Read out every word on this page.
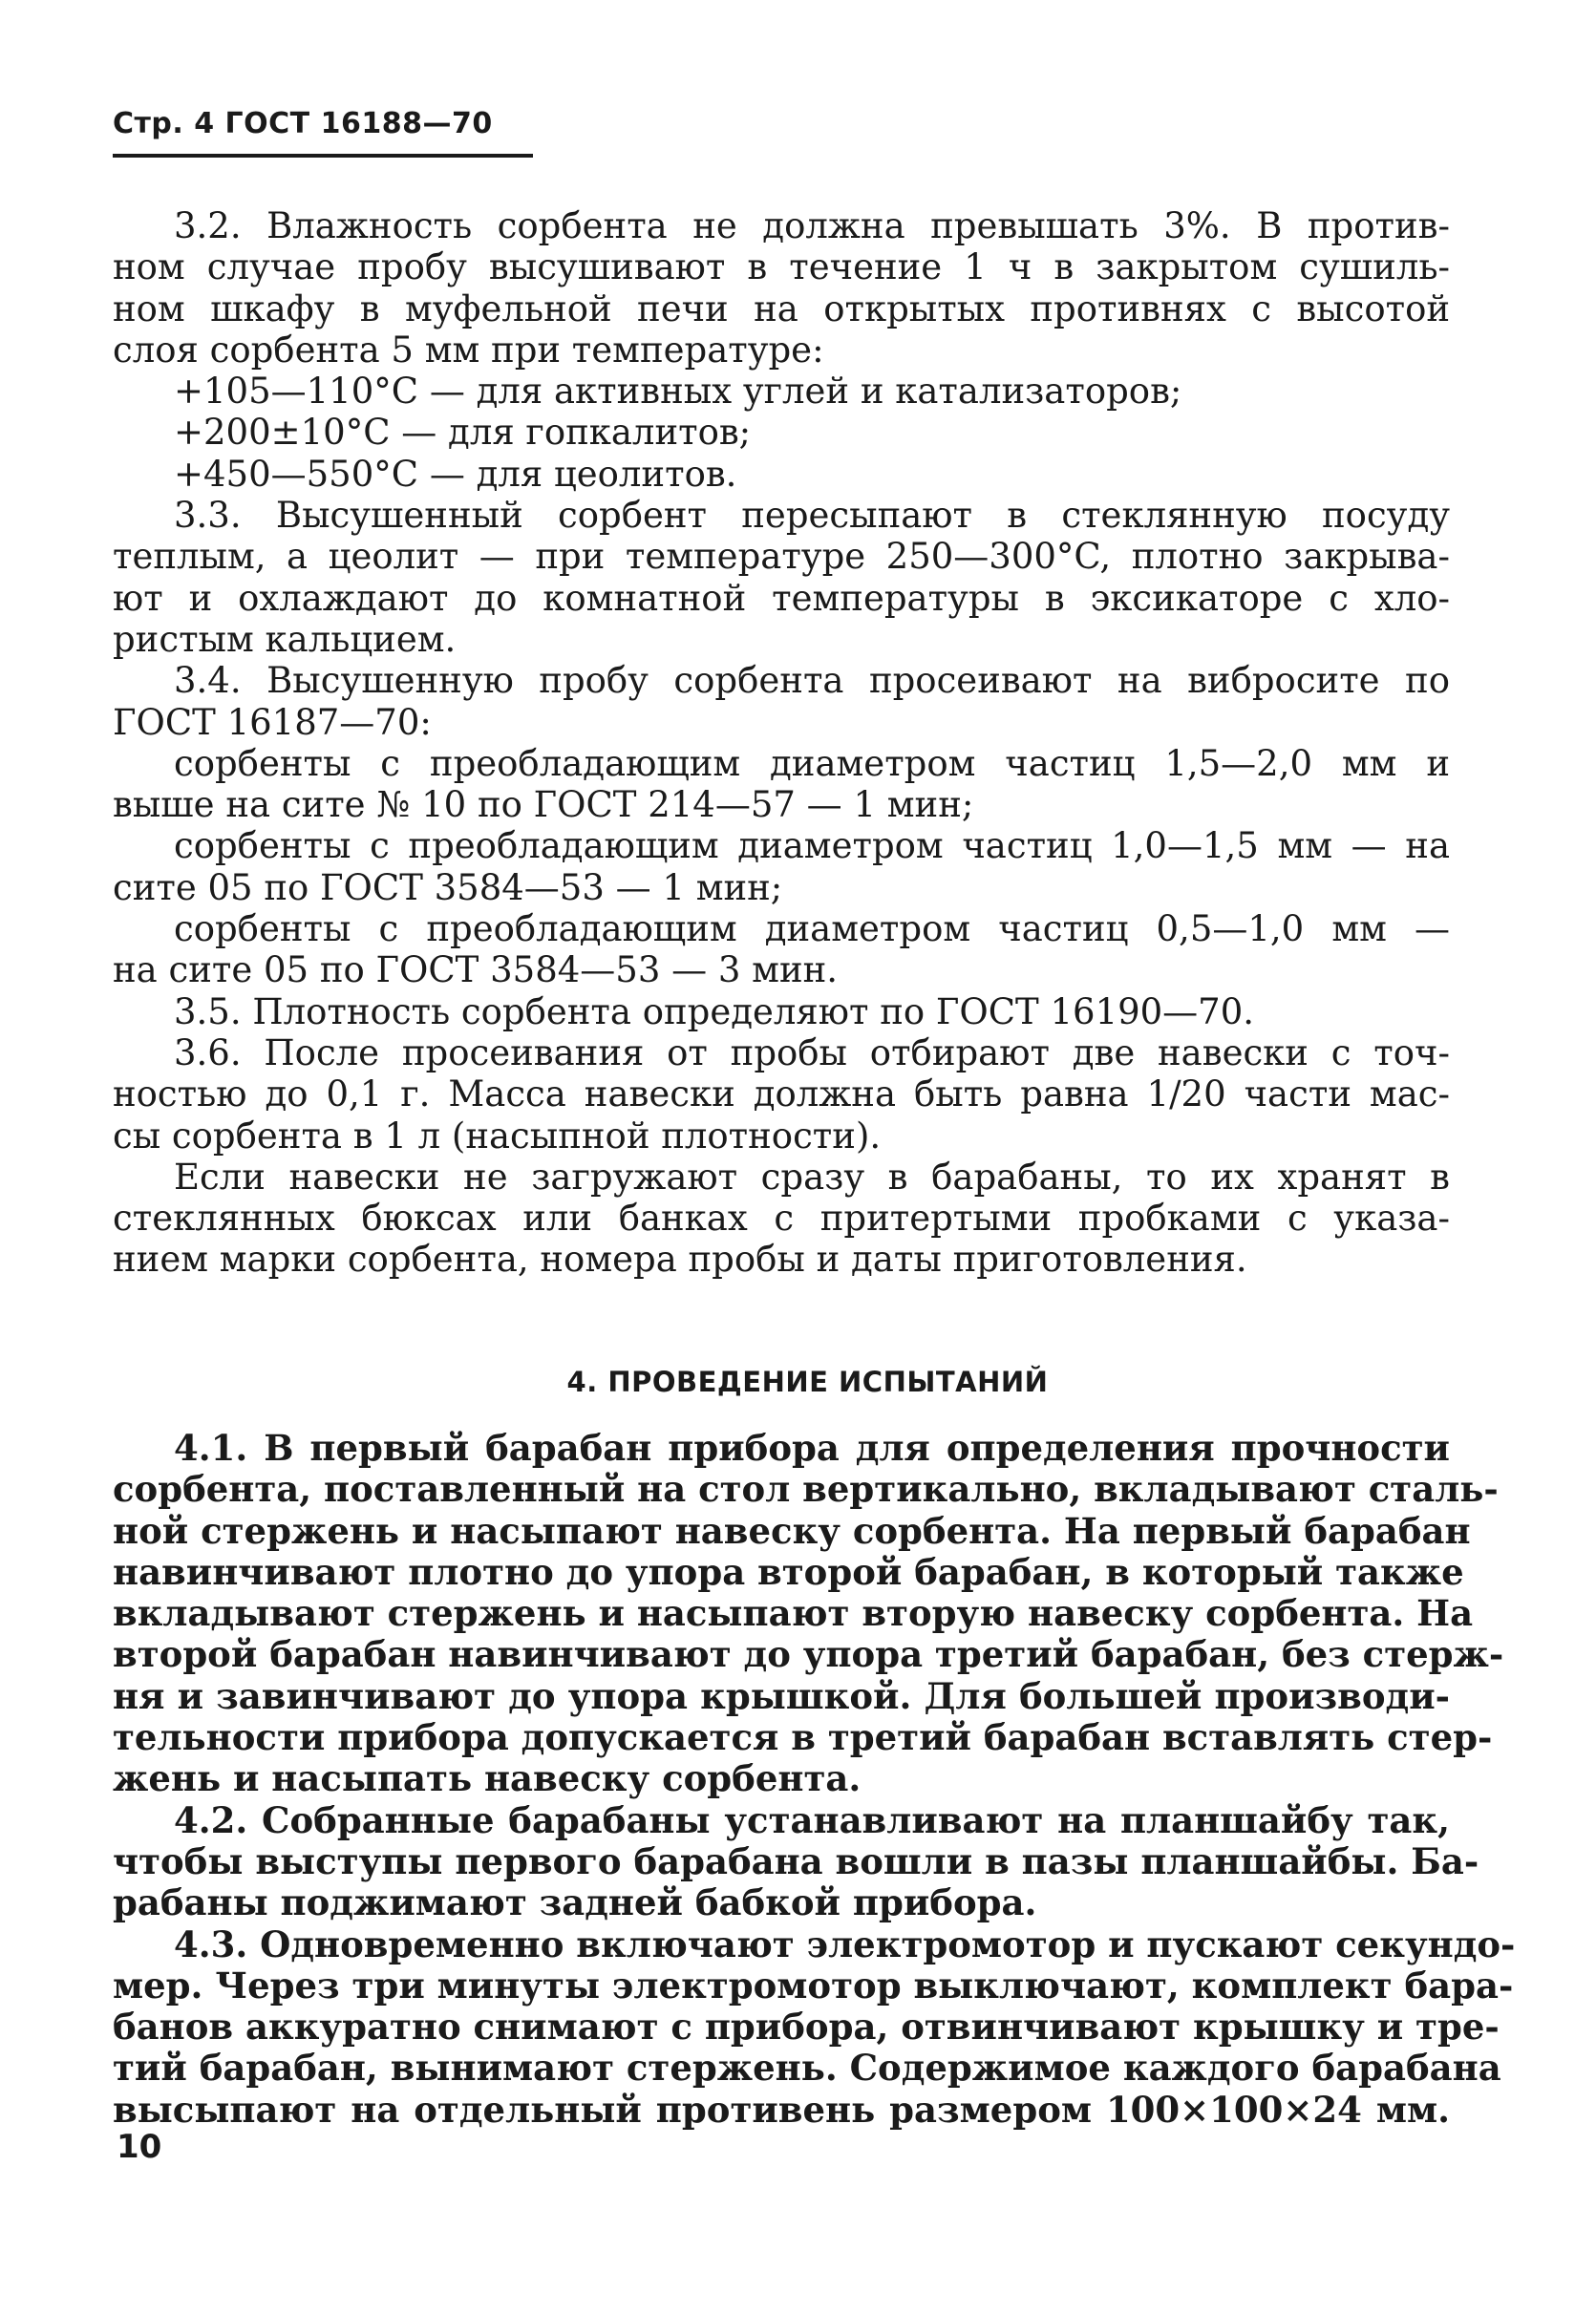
Стр. 4 ГОСТ 16188—70
3.2. Влажность сорбента не должна превышать 3%. В против-
ном случае пробу высушивают в течение 1 ч в закрытом сушиль-
ном шкафу в муфельной печи на открытых противнях с высотой
слоя сорбента 5 мм при температуре:
+105—110°C — для активных углей и катализаторов;
+200±10°C — для гопкалитов;
+450—550°C — для цеолитов.
3.3. Высушенный сорбент пересыпают в стеклянную посуду
теплым, а цеолит — при температуре 250—300°C, плотно закрыва-
ют и охлаждают до комнатной температуры в эксикаторе с хло-
ристым кальцием.
3.4. Высушенную пробу сорбента просеивают на вибросите по
ГОСТ 16187—70:
сорбенты с преобладающим диаметром частиц 1,5—2,0 мм и
выше на сите № 10 по ГОСТ 214—57 — 1 мин;
сорбенты с преобладающим диаметром частиц 1,0—1,5 мм — на
сите 05 по ГОСТ 3584—53 — 1 мин;
сорбенты с преобладающим диаметром частиц 0,5—1,0 мм —
на сите 05 по ГОСТ 3584—53 — 3 мин.
3.5. Плотность сорбента определяют по ГОСТ 16190—70.
3.6. После просеивания от пробы отбирают две навески с точ-
ностью до 0,1 г. Масса навески должна быть равна 1/20 части мас-
сы сорбента в 1 л (насыпной плотности).
Если навески не загружают сразу в барабаны, то их хранят в
стеклянных бюксах или банках с притертыми пробками с указа-
нием марки сорбента, номера пробы и даты приготовления.
4. ПРОВЕДЕНИЕ ИСПЫТАНИЙ
4.1. В первый барабан прибора для определения прочности
сорбента, поставленный на стол вертикально, вкладывают сталь-
ной стержень и насыпают навеску сорбента. На первый барабан
навинчивают плотно до упора второй барабан, в который также
вкладывают стержень и насыпают вторую навеску сорбента. На
второй барабан навинчивают до упора третий барабан, без стерж-
ня и завинчивают до упора крышкой. Для большей производи-
тельности прибора допускается в третий барабан вставлять стер-
жень и насыпать навеску сорбента.
4.2. Собранные барабаны устанавливают на планшайбу так,
чтобы выступы первого барабана вошли в пазы планшайбы. Ба-
рабаны поджимают задней бабкой прибора.
4.3. Одновременно включают электромотор и пускают секундо-
мер. Через три минуты электромотор выключают, комплект бара-
банов аккуратно снимают с прибора, отвинчивают крышку и тре-
тий барабан, вынимают стержень. Содержимое каждого барабана
высыпают на отдельный противень размером 100×100×24 мм.
10
